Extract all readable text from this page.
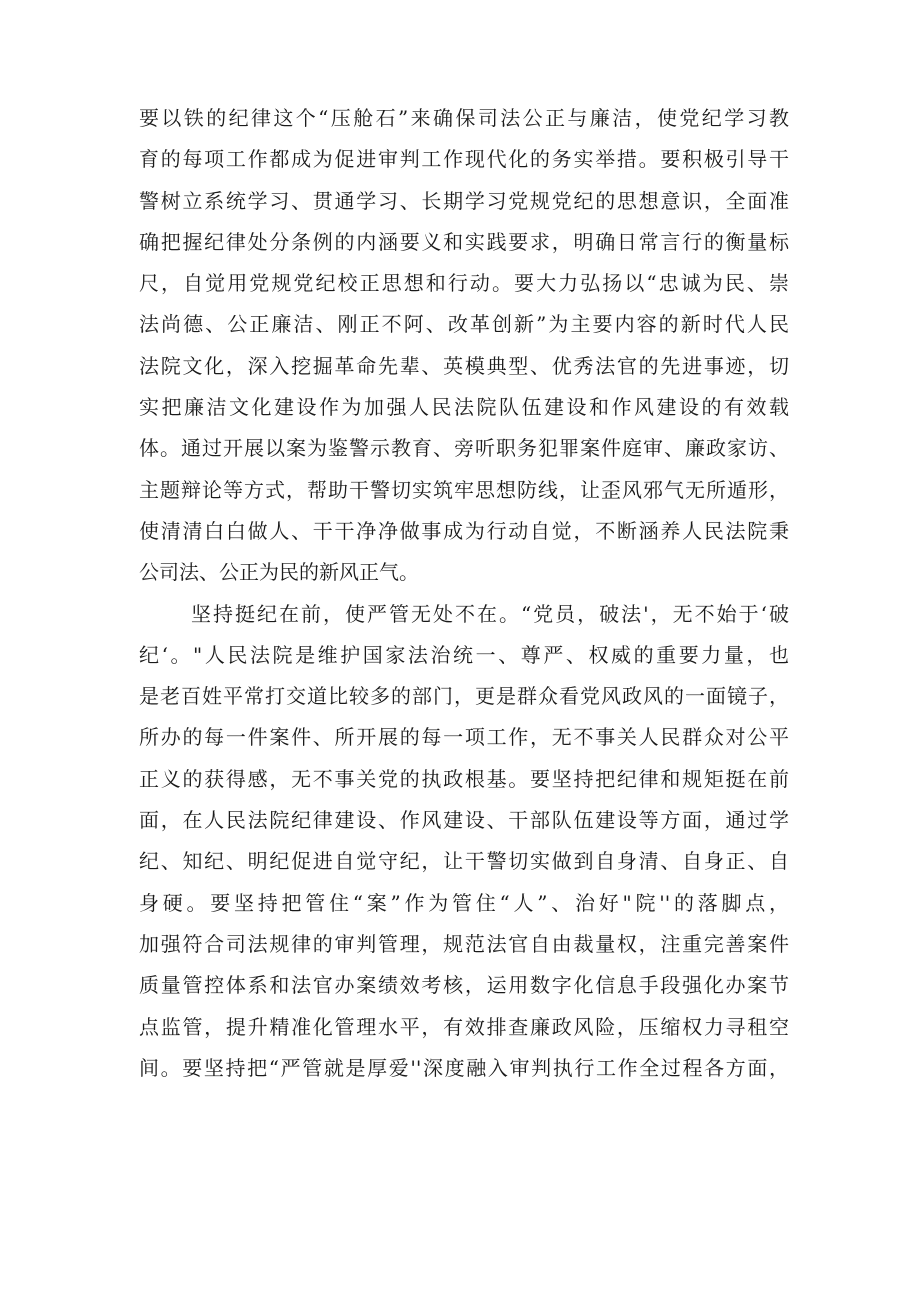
要以铁的纪律这个“压舱石”来确保司法公正与廉洁，使党纪学习教
育的每项工作都成为促进审判工作现代化的务实举措。要积极引导干
警树立系统学习、贯通学习、长期学习党规党纪的思想意识，全面准
确把握纪律处分条例的内涵要义和实践要求，明确日常言行的衡量标
尺，自觉用党规党纪校正思想和行动。要大力弘扬以“忠诚为民、崇
法尚德、公正廉洁、刚正不阿、改革创新”为主要内容的新时代人民
法院文化，深入挖掘革命先辈、英模典型、优秀法官的先进事迹，切
实把廉洁文化建设作为加强人民法院队伍建设和作风建设的有效载
体。通过开展以案为鉴警示教育、旁听职务犯罪案件庭审、廉政家访、
主题辩论等方式，帮助干警切实筑牢思想防线，让歪风邪气无所遁形，
使清清白白做人、干干净净做事成为行动自觉，不断涵养人民法院秉
公司法、公正为民的新风正气。
坚持挺纪在前，使严管无处不在。“党员，破法'，无不始于‘破
纪‘。"人民法院是维护国家法治统一、尊严、权威的重要力量，也
是老百姓平常打交道比较多的部门，更是群众看党风政风的一面镜子，
所办的每一件案件、所开展的每一项工作，无不事关人民群众对公平
正义的获得感，无不事关党的执政根基。要坚持把纪律和规矩挺在前
面，在人民法院纪律建设、作风建设、干部队伍建设等方面，通过学
纪、知纪、明纪促进自觉守纪，让干警切实做到自身清、自身正、自
身硬。要坚持把管住“案”作为管住“人”、治好"院''的落脚点，
加强符合司法规律的审判管理，规范法官自由裁量权，注重完善案件
质量管控体系和法官办案绩效考核，运用数字化信息手段强化办案节
点监管，提升精准化管理水平，有效排查廉政风险，压缩权力寻租空
间。要坚持把“严管就是厚爱''深度融入审判执行工作全过程各方面，
